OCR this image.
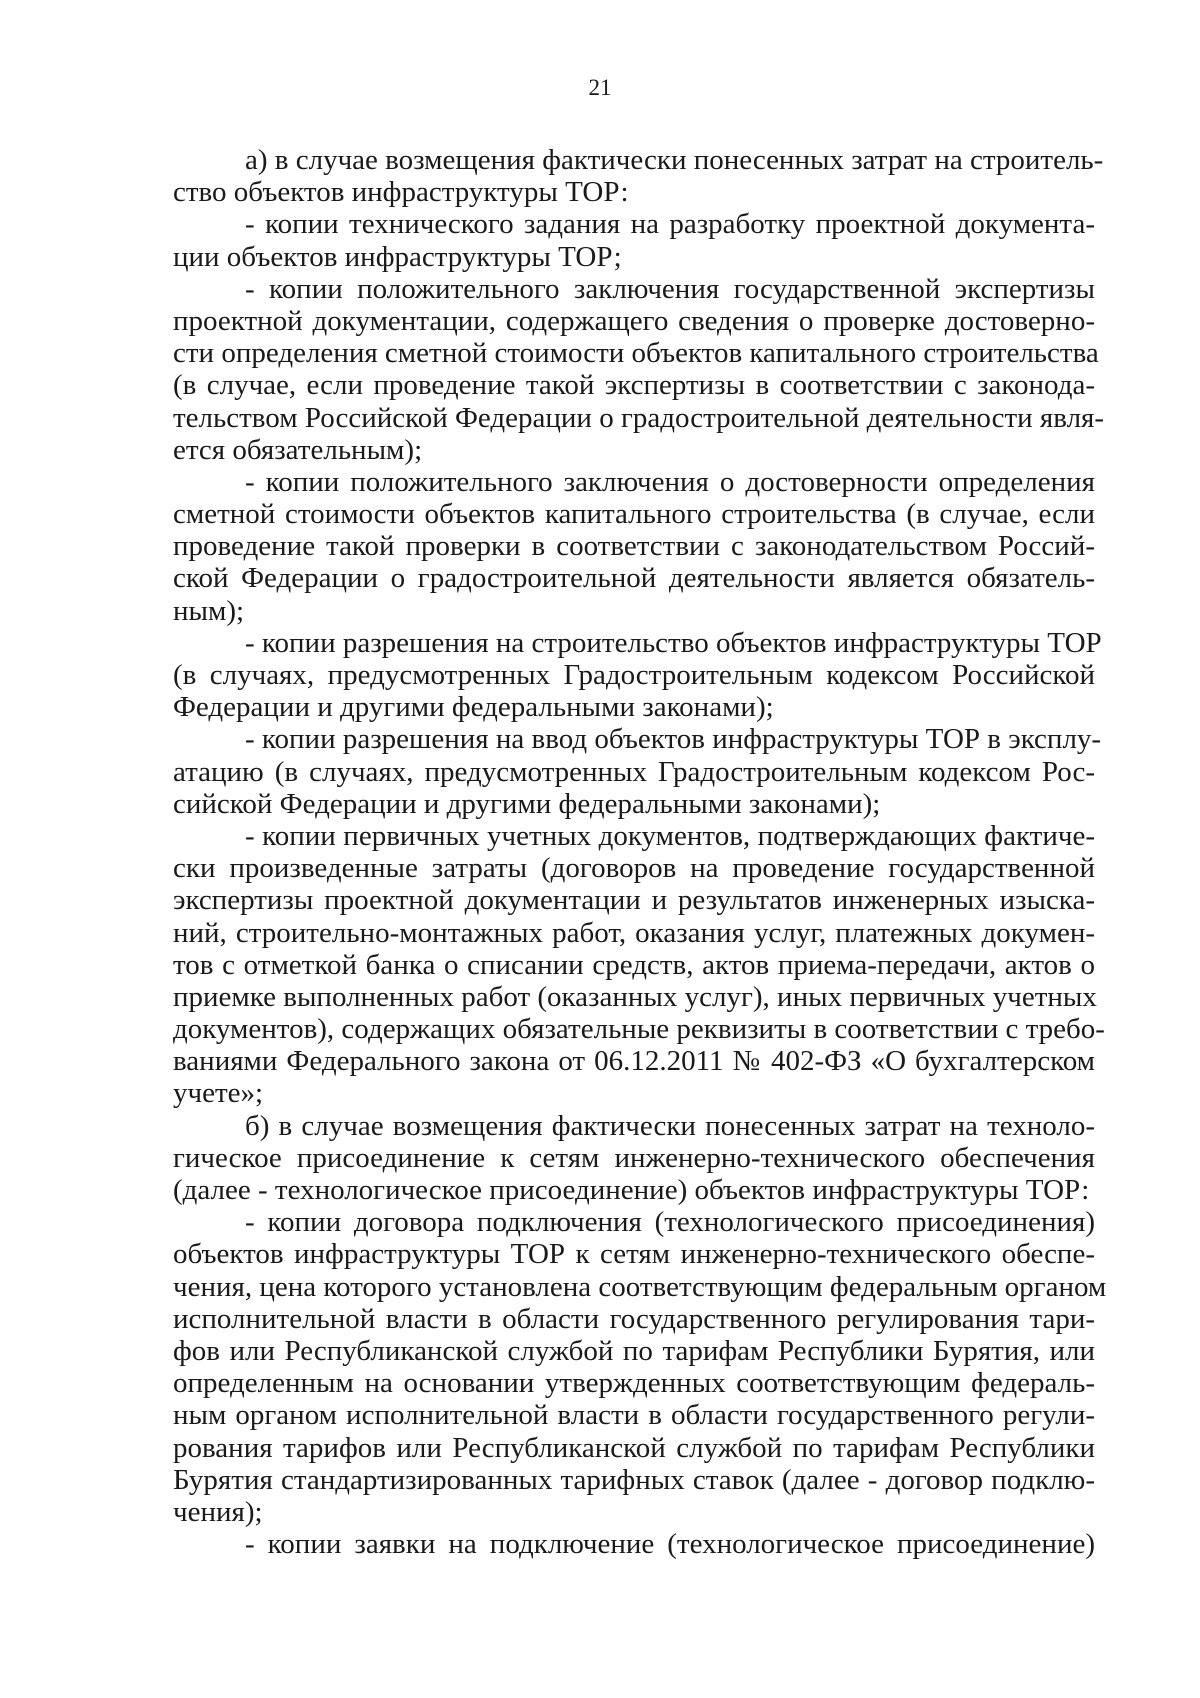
21
а) в случае возмещения фактически понесенных затрат на строитель-
ство объектов инфраструктуры ТОР:
- копии технического задания на разработку проектной документа-
ции объектов инфраструктуры ТОР;
- копии положительного заключения государственной экспертизы
проектной документации, содержащего сведения о проверке достоверно-
сти определения сметной стоимости объектов капитального строительства
(в случае, если проведение такой экспертизы в соответствии с законода-
тельством Российской Федерации о градостроительной деятельности явля-
ется обязательным);
- копии положительного заключения о достоверности определения
сметной стоимости объектов капитального строительства (в случае, если
проведение такой проверки в соответствии с законодательством Россий-
ской Федерации о градостроительной деятельности является обязатель-
ным);
- копии разрешения на строительство объектов инфраструктуры ТОР
(в случаях, предусмотренных Градостроительным кодексом Российской
Федерации и другими федеральными законами);
- копии разрешения на ввод объектов инфраструктуры ТОР в эксплу-
атацию (в случаях, предусмотренных Градостроительным кодексом Рос-
сийской Федерации и другими федеральными законами);
- копии первичных учетных документов, подтверждающих фактиче-
ски произведенные затраты (договоров на проведение государственной
экспертизы проектной документации и результатов инженерных изыска-
ний, строительно-монтажных работ, оказания услуг, платежных докумен-
тов с отметкой банка о списании средств, актов приема-передачи, актов о
приемке выполненных работ (оказанных услуг), иных первичных учетных
документов), содержащих обязательные реквизиты в соответствии с требо-
ваниями Федерального закона от 06.12.2011 № 402-ФЗ «О бухгалтерском
учете»;
б) в случае возмещения фактически понесенных затрат на техноло-
гическое присоединение к сетям инженерно-технического обеспечения
(далее - технологическое присоединение) объектов инфраструктуры ТОР:
- копии договора подключения (технологического присоединения)
объектов инфраструктуры ТОР к сетям инженерно-технического обеспе-
чения, цена которого установлена соответствующим федеральным органом
исполнительной власти в области государственного регулирования тари-
фов или Республиканской службой по тарифам Республики Бурятия, или
определенным на основании утвержденных соответствующим федераль-
ным органом исполнительной власти в области государственного регули-
рования тарифов или Республиканской службой по тарифам Республики
Бурятия стандартизированных тарифных ставок (далее - договор подклю-
чения);
- копии заявки на подключение (технологическое присоединение)
